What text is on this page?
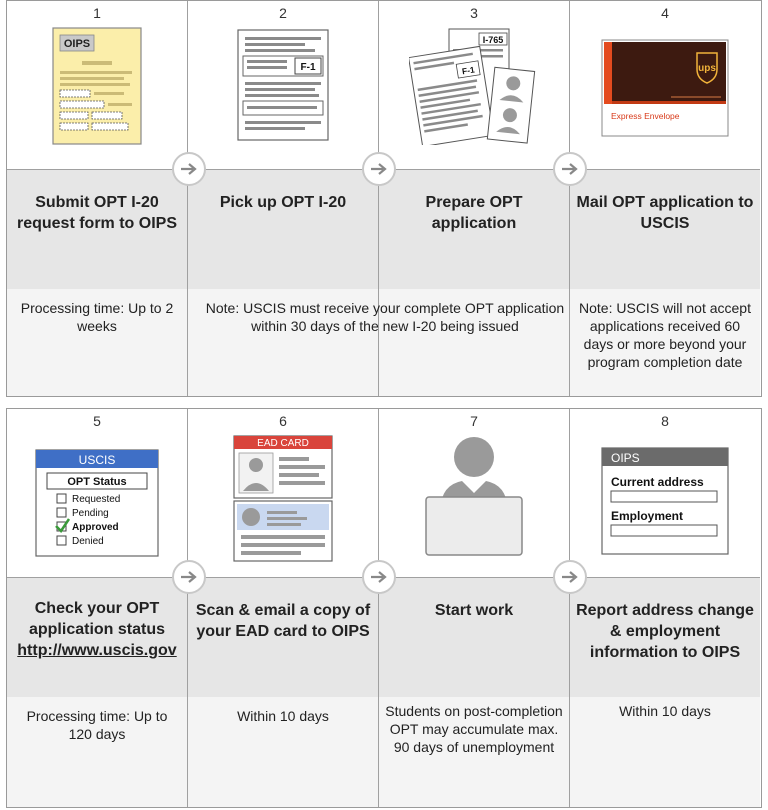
1
OIPS
Submit OPT I-20 request form to OIPS
Processing time: Up to 2 weeks
2
F-1
Pick up OPT I-20
3
I-765
F-1
Prepare OPT application
4
ups
Express Envelope
Mail OPT application to USCIS
Note: USCIS will not accept applications received 60 days or more beyond your program completion date
Note: USCIS must receive your complete OPT application within 30 days of the new I-20 being issued
5
USCIS
OPT Status
Requested
Pending
Approved
Denied
Check your OPT application status
http://www.uscis.gov
Processing time: Up to 120 days
6
EAD CARD
Scan & email a copy of your EAD card to OIPS
Within 10 days
7
Start work
Students on post-completion OPT may accumulate max. 90 days of unemployment
8
OIPS
Current address
Employment
Report address change & employment information to OIPS
Within 10 days
